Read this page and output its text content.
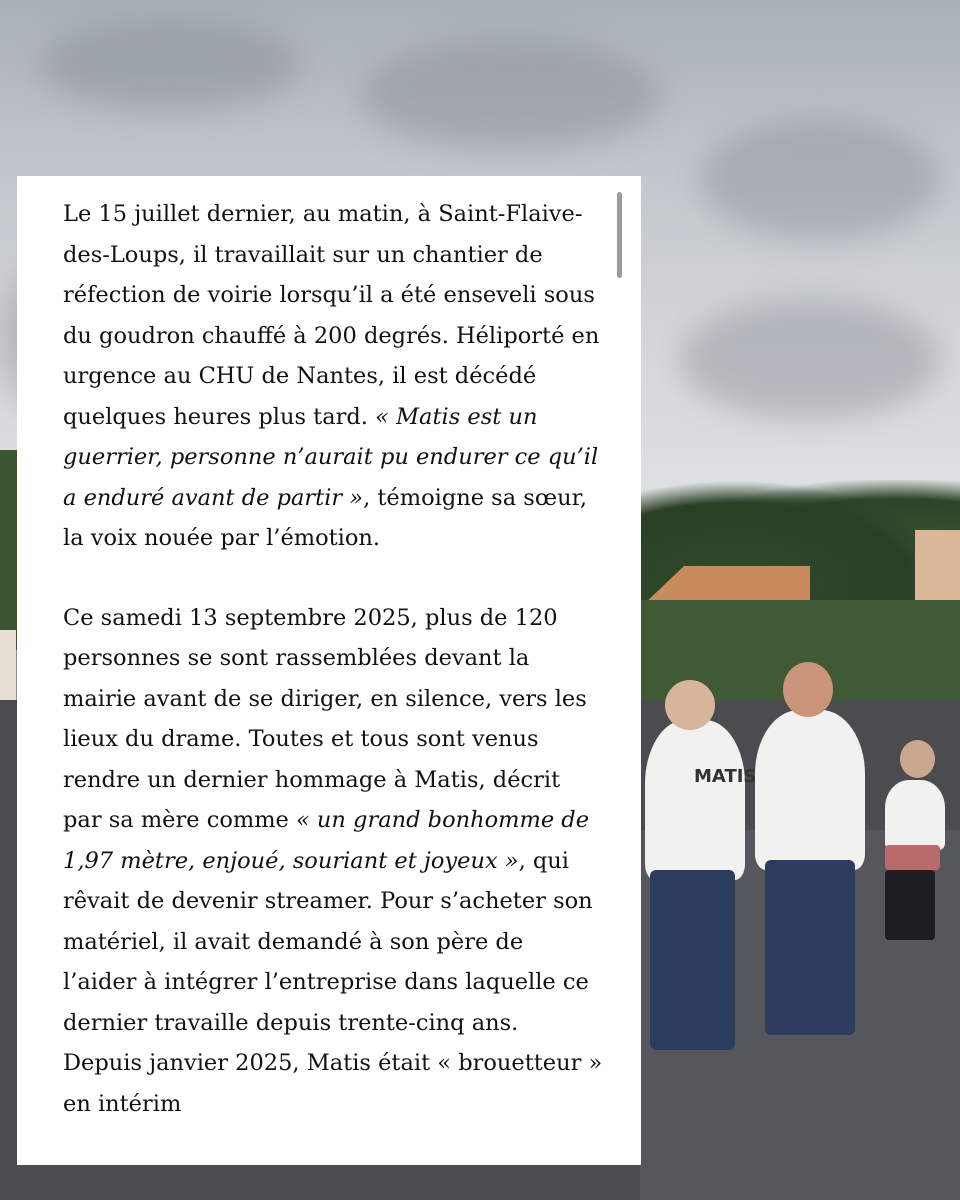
MATIS

Le 15 juillet dernier, au matin, à Saint-Flaive-des-Loups, il travaillait sur un chantier de réfection de voirie lorsqu’il a été enseveli sous du goudron chauffé à 200 degrés. Héliporté en urgence au CHU de Nantes, il est décédé quelques heures plus tard. « Matis est un guerrier, personne n’aurait pu endurer ce qu’il a enduré avant de partir », témoigne sa sœur, la voix nouée par l’émotion.

Ce samedi 13 septembre 2025, plus de 120 personnes se sont rassemblées devant la mairie avant de se diriger, en silence, vers les lieux du drame. Toutes et tous sont venus rendre un dernier hommage à Matis, décrit par sa mère comme « un grand bonhomme de 1,97 mètre, enjoué, souriant et joyeux », qui rêvait de devenir streamer. Pour s’acheter son matériel, il avait demandé à son père de l’aider à intégrer l’entreprise dans laquelle ce dernier travaille depuis trente-cinq ans. Depuis janvier 2025, Matis était « brouetteur » en intérim
